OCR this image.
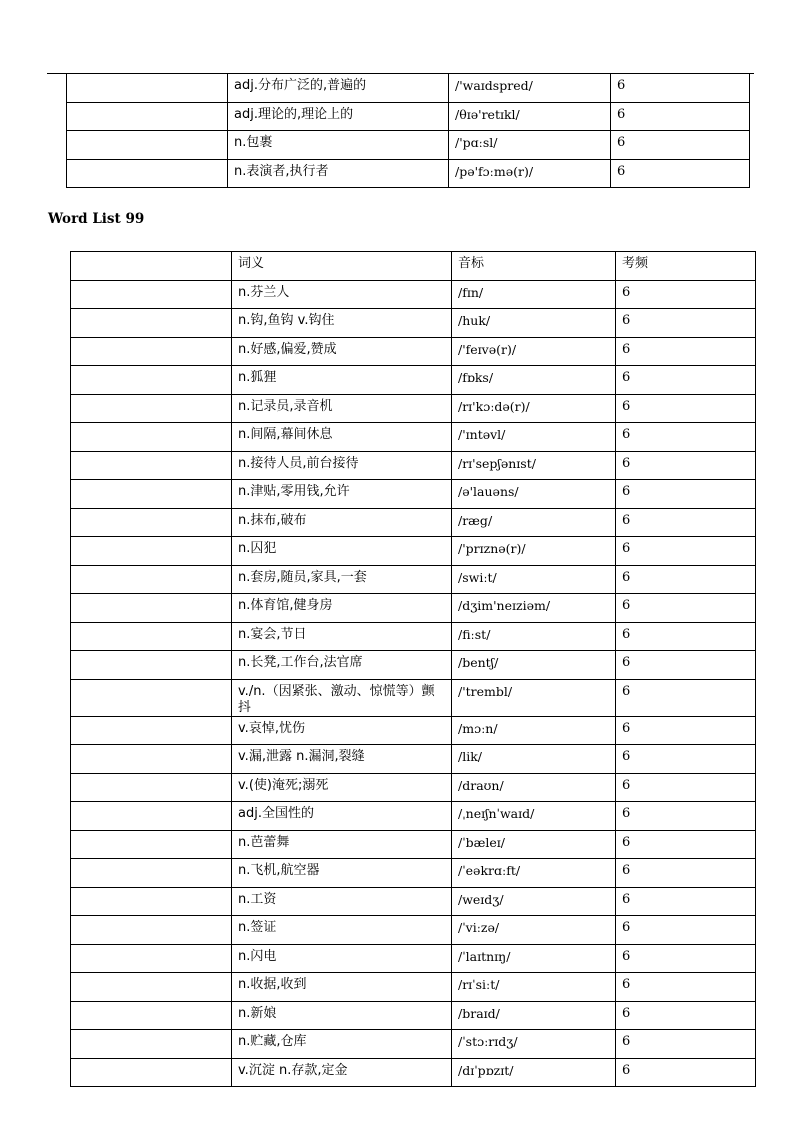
	adj.分布广泛的,普遍的	/'waɪdspred/	6
	adj.理论的,理论上的	/θɪə'retɪkl/	6
	n.包裹	/'pɑːsl/	6
	n.表演者,执行者	/pə'fɔːmə(r)/	6
Word List 99
	词义	音标	考频
	n.芬兰人	/fɪn/	6
	n.钩,鱼钩 v.钩住	/huk/	6
	n.好感,偏爱,赞成	/'feɪvə(r)/	6
	n.狐狸	/fɒks/	6
	n.记录员,录音机	/rɪ'kɔːdə(r)/	6
	n.间隔,幕间休息	/'ɪntəvl/	6
	n.接待人员,前台接待	/rɪ'sepʃənɪst/	6
	n.津贴,零用钱,允许	/ə'lauəns/	6
	n.抹布,破布	/ræg/	6
	n.囚犯	/'prɪznə(r)/	6
	n.套房,随员,家具,一套	/swiːt/	6
	n.体育馆,健身房	/dʒim'neɪziəm/	6
	n.宴会,节日	/fiːst/	6
	n.长凳,工作台,法官席	/bentʃ/	6
	v./n.（因紧张、激动、惊慌等）颤抖	/'trembl/	6
	v.哀悼,忧伤	/mɔːn/	6
	v.漏,泄露 n.漏洞,裂缝	/lik/	6
	v.(使)淹死;溺死	/draʊn/	6
	adj.全国性的	/ˌneɪʃnˈwaɪd/	6
	n.芭蕾舞	/ˈbæleɪ/	6
	n.飞机,航空器	/ˈeəkrɑːft/	6
	n.工资	/weɪdʒ/	6
	n.签证	/ˈviːzə/	6
	n.闪电	/ˈlaɪtnɪŋ/	6
	n.收据,收到	/rɪˈsiːt/	6
	n.新娘	/braɪd/	6
	n.贮藏,仓库	/ˈstɔːrɪdʒ/	6
	v.沉淀 n.存款,定金	/dɪˈpɒzɪt/	6
